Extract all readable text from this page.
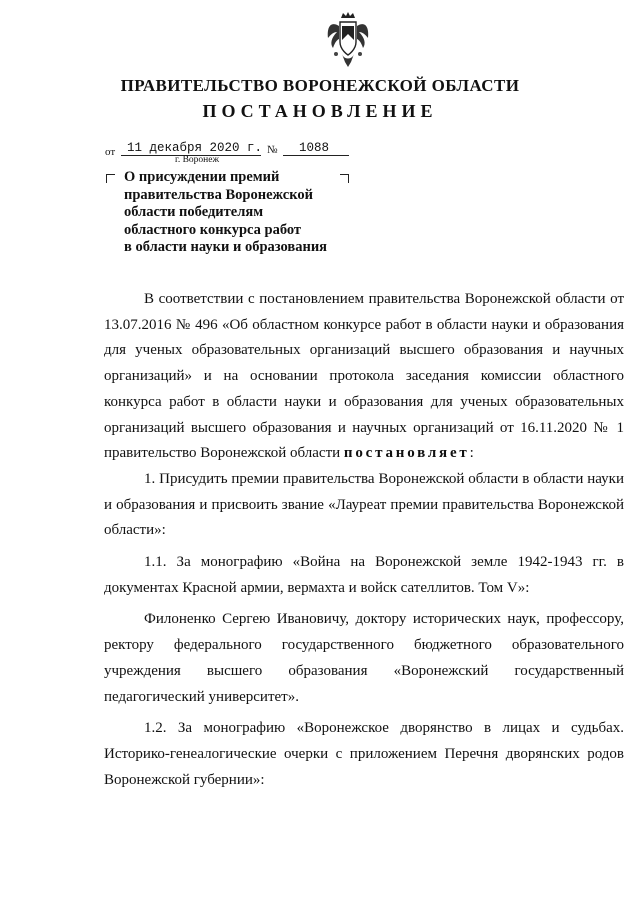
ПРАВИТЕЛЬСТВО ВОРОНЕЖСКОЙ ОБЛАСТИ
ПОСТАНОВЛЕНИЕ
от 11 декабря 2020 г. № 1088
г. Воронеж
О присуждении премий
правительства Воронежской
области победителям
областного конкурса работ
в области науки и образования

В соответствии с постановлением правительства Воронежской области от 13.07.2016 № 496 «Об областном конкурсе работ в области науки и образования для ученых образовательных организаций высшего образования и научных организаций» и на основании протокола заседания комиссии областного конкурса работ в области науки и образования для ученых образовательных организаций высшего образования и научных организаций от 16.11.2020 № 1 правительство Воронежской области постановляет:

1. Присудить премии правительства Воронежской области в области науки и образования и присвоить звание «Лауреат премии правительства Воронежской области»:

1.1. За монографию «Война на Воронежской земле 1942-1943 гг. в документах Красной армии, вермахта и войск сателлитов. Том V»:

Филоненко Сергею Ивановичу, доктору исторических наук, профессору, ректору федерального государственного бюджетного образовательного учреждения высшего образования «Воронежский государственный педагогический университет».

1.2. За монографию «Воронежское дворянство в лицах и судьбах. Историко-генеалогические очерки с приложением Перечня дворянских родов Воронежской губернии»:
